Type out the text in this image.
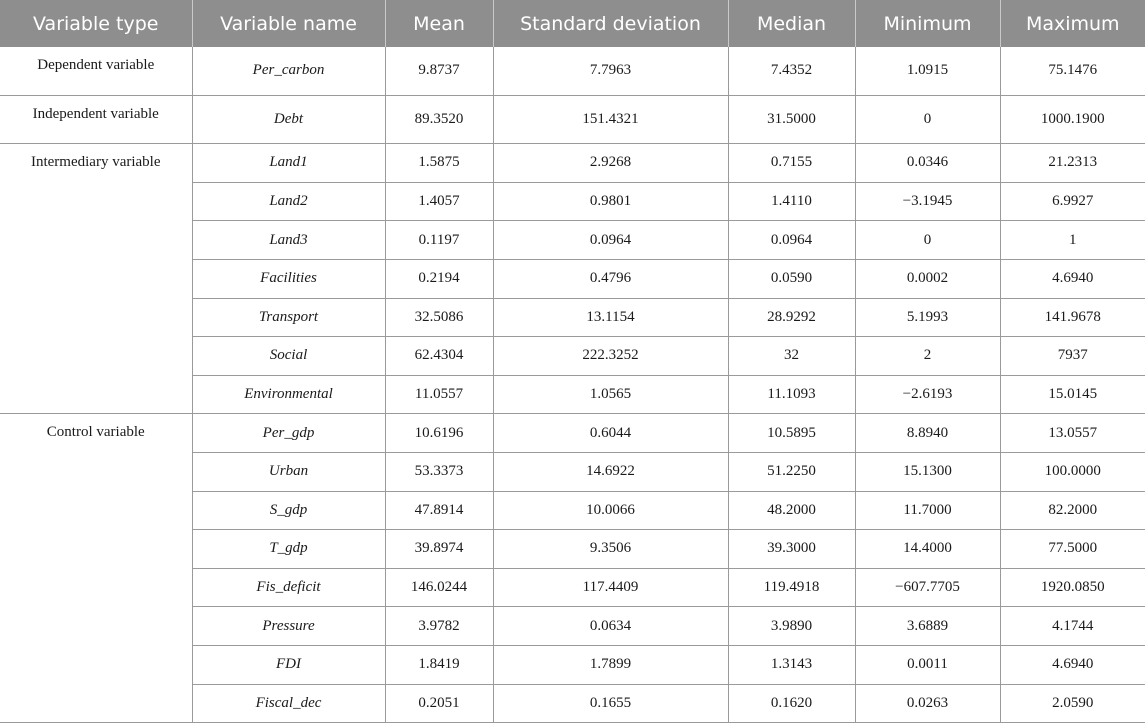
Variable type	Variable name	Mean	Standard deviation	Median	Minimum	Maximum
Dependent variable	Per_carbon	9.8737	7.7963	7.4352	1.0915	75.1476
Independent variable	Debt	89.3520	151.4321	31.5000	0	1000.1900
Intermediary variable	Land1	1.5875	2.9268	0.7155	0.0346	21.2313
	Land2	1.4057	0.9801	1.4110	−3.1945	6.9927
	Land3	0.1197	0.0964	0.0964	0	1
	Facilities	0.2194	0.4796	0.0590	0.0002	4.6940
	Transport	32.5086	13.1154	28.9292	5.1993	141.9678
	Social	62.4304	222.3252	32	2	7937
	Environmental	11.0557	1.0565	11.1093	−2.6193	15.0145
Control variable	Per_gdp	10.6196	0.6044	10.5895	8.8940	13.0557
	Urban	53.3373	14.6922	51.2250	15.1300	100.0000
	S_gdp	47.8914	10.0066	48.2000	11.7000	82.2000
	T_gdp	39.8974	9.3506	39.3000	14.4000	77.5000
	Fis_deficit	146.0244	117.4409	119.4918	−607.7705	1920.0850
	Pressure	3.9782	0.0634	3.9890	3.6889	4.1744
	FDI	1.8419	1.7899	1.3143	0.0011	4.6940
	Fiscal_dec	0.2051	0.1655	0.1620	0.0263	2.0590
